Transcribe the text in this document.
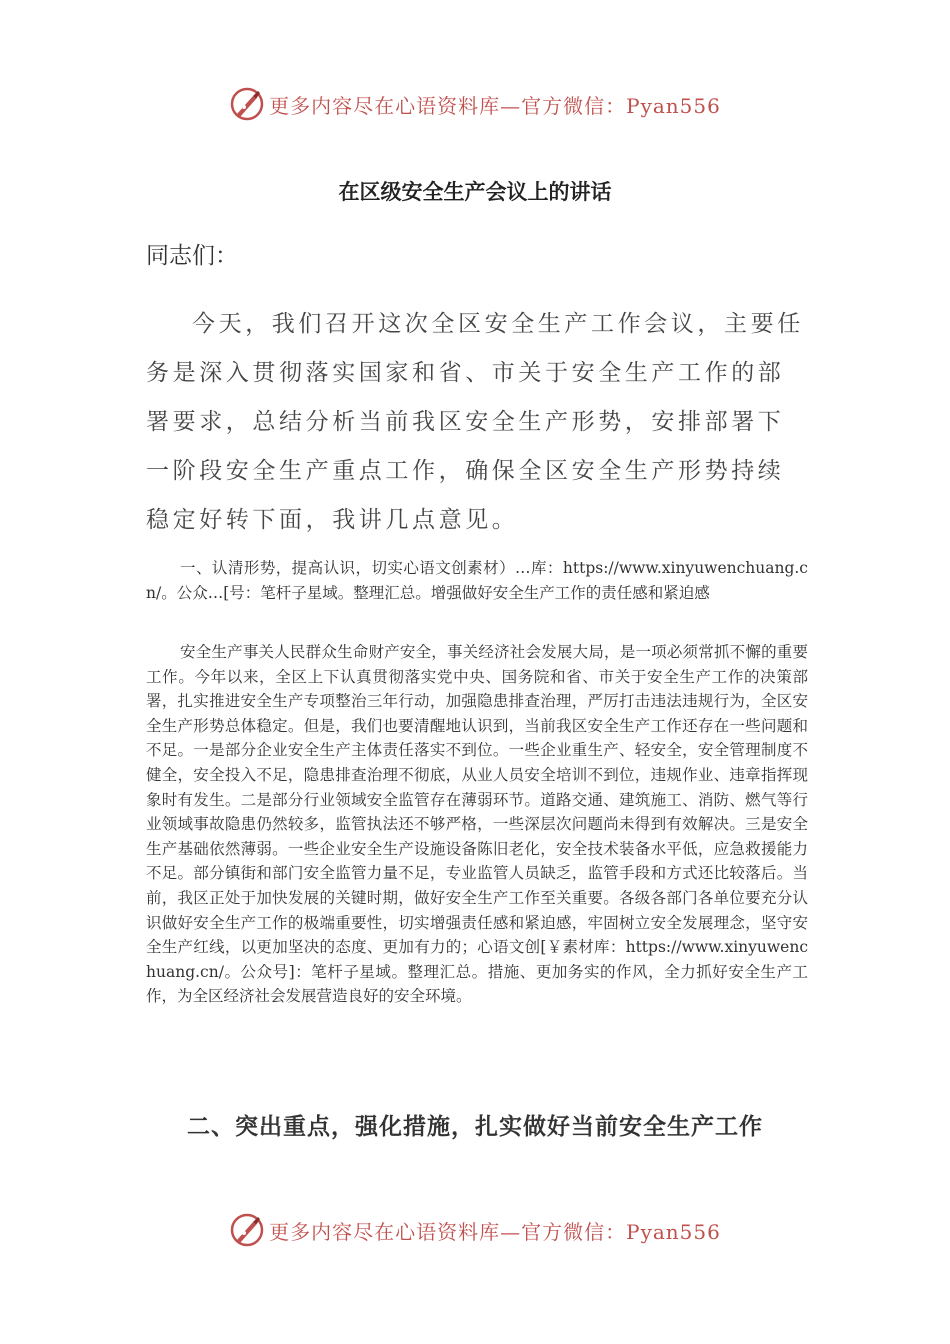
更多内容尽在心语资料库—官方微信：Pyan556
在区级安全生产会议上的讲话

同志们：

今天，我们召开这次全区安全生产工作会议，主要任务是深入贯彻落实国家和省、市关于安全生产工作的部署要求，总结分析当前我区安全生产形势，安排部署下一阶段安全生产重点工作，确保全区安全生产形势持续稳定好转下面，我讲几点意见。

一、认清形势，提高认识，切实心语文创素材）…库：https://www.xinyuwenchuang.cn/。公众…[号：笔杆子星域。整理汇总。增强做好安全生产工作的责任感和紧迫感

安全生产事关人民群众生命财产安全，事关经济社会发展大局，是一项必须常抓不懈的重要工作。今年以来，全区上下认真贯彻落实党中央、国务院和省、市关于安全生产工作的决策部署，扎实推进安全生产专项整治三年行动，加强隐患排查治理，严厉打击违法违规行为，全区安全生产形势总体稳定。但是，我们也要清醒地认识到，当前我区安全生产工作还存在一些问题和不足。一是部分企业安全生产主体责任落实不到位。一些企业重生产、轻安全，安全管理制度不健全，安全投入不足，隐患排查治理不彻底，从业人员安全培训不到位，违规作业、违章指挥现象时有发生。二是部分行业领域安全监管存在薄弱环节。道路交通、建筑施工、消防、燃气等行业领域事故隐患仍然较多，监管执法还不够严格，一些深层次问题尚未得到有效解决。三是安全生产基础依然薄弱。一些企业安全生产设施设备陈旧老化，安全技术装备水平低，应急救援能力不足。部分镇街和部门安全监管力量不足，专业监管人员缺乏，监管手段和方式还比较落后。当前，我区正处于加快发展的关键时期，做好安全生产工作至关重要。各级各部门各单位要充分认识做好安全生产工作的极端重要性，切实增强责任感和紧迫感，牢固树立安全发展理念，坚守安全生产红线，以更加坚决的态度、更加有力的；心语文创[￥素材库：https://www.xinyuwenchuang.cn/。公众号]：笔杆子星域。整理汇总。措施、更加务实的作风，全力抓好安全生产工作，为全区经济社会发展营造良好的安全环境。

二、突出重点，强化措施，扎实做好当前安全生产工作
更多内容尽在心语资料库—官方微信：Pyan556
